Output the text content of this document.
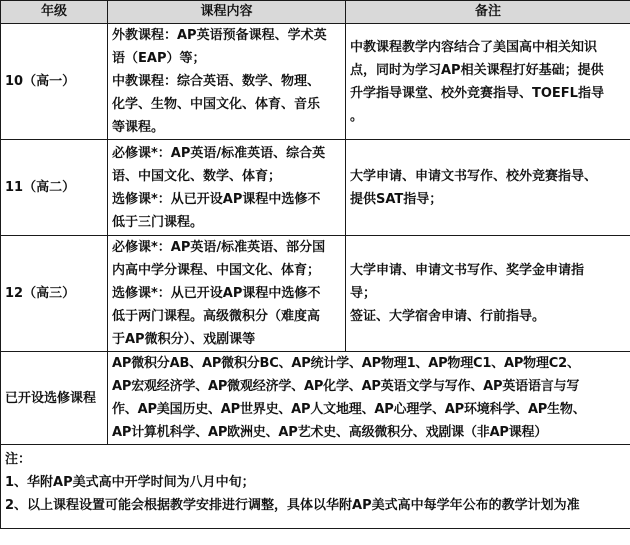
年级	课程内容	备注
10（高一）	外教课程：AP英语预备课程、学术英
语（EAP）等；
中教课程：综合英语、数学、物理、
化学、生物、中国文化、体育、音乐
等课程。	中教课程教学内容结合了美国高中相关知识
点，同时为学习AP相关课程打好基础；提供
升学指导课堂、校外竞赛指导、TOEFL指导
。

11（高二）	必修课*：AP英语/标准英语、综合英
语、中国文化、数学、体育；
选修课*：从已开设AP课程中选修不
低于三门课程。	大学申请、申请文书写作、校外竞赛指导、
提供SAT指导；

12（高三）	必修课*：AP英语/标准英语、部分国
内高中学分课程、中国文化、体育；
选修课*：从已开设AP课程中选修不
低于两门课程。高级微积分（难度高
于AP微积分）、戏剧课等	大学申请、申请文书写作、奖学金申请指
导；
签证、大学宿舍申请、行前指导。

已开设选修课程	AP微积分AB、AP微积分BC、AP统计学、AP物理1、AP物理C1、AP物理C2、
AP宏观经济学、AP微观经济学、AP化学、AP英语文学与写作、AP英语语言与写
作、AP美国历史、AP世界史、AP人文地理、AP心理学、AP环境科学、AP生物、
AP计算机科学、AP欧洲史、AP艺术史、高级微积分、戏剧课（非AP课程）	

注：
1、华附AP美式高中开学时间为八月中旬；
2、以上课程设置可能会根据教学安排进行调整，具体以华附AP美式高中每学年公布的教学计划为准		
